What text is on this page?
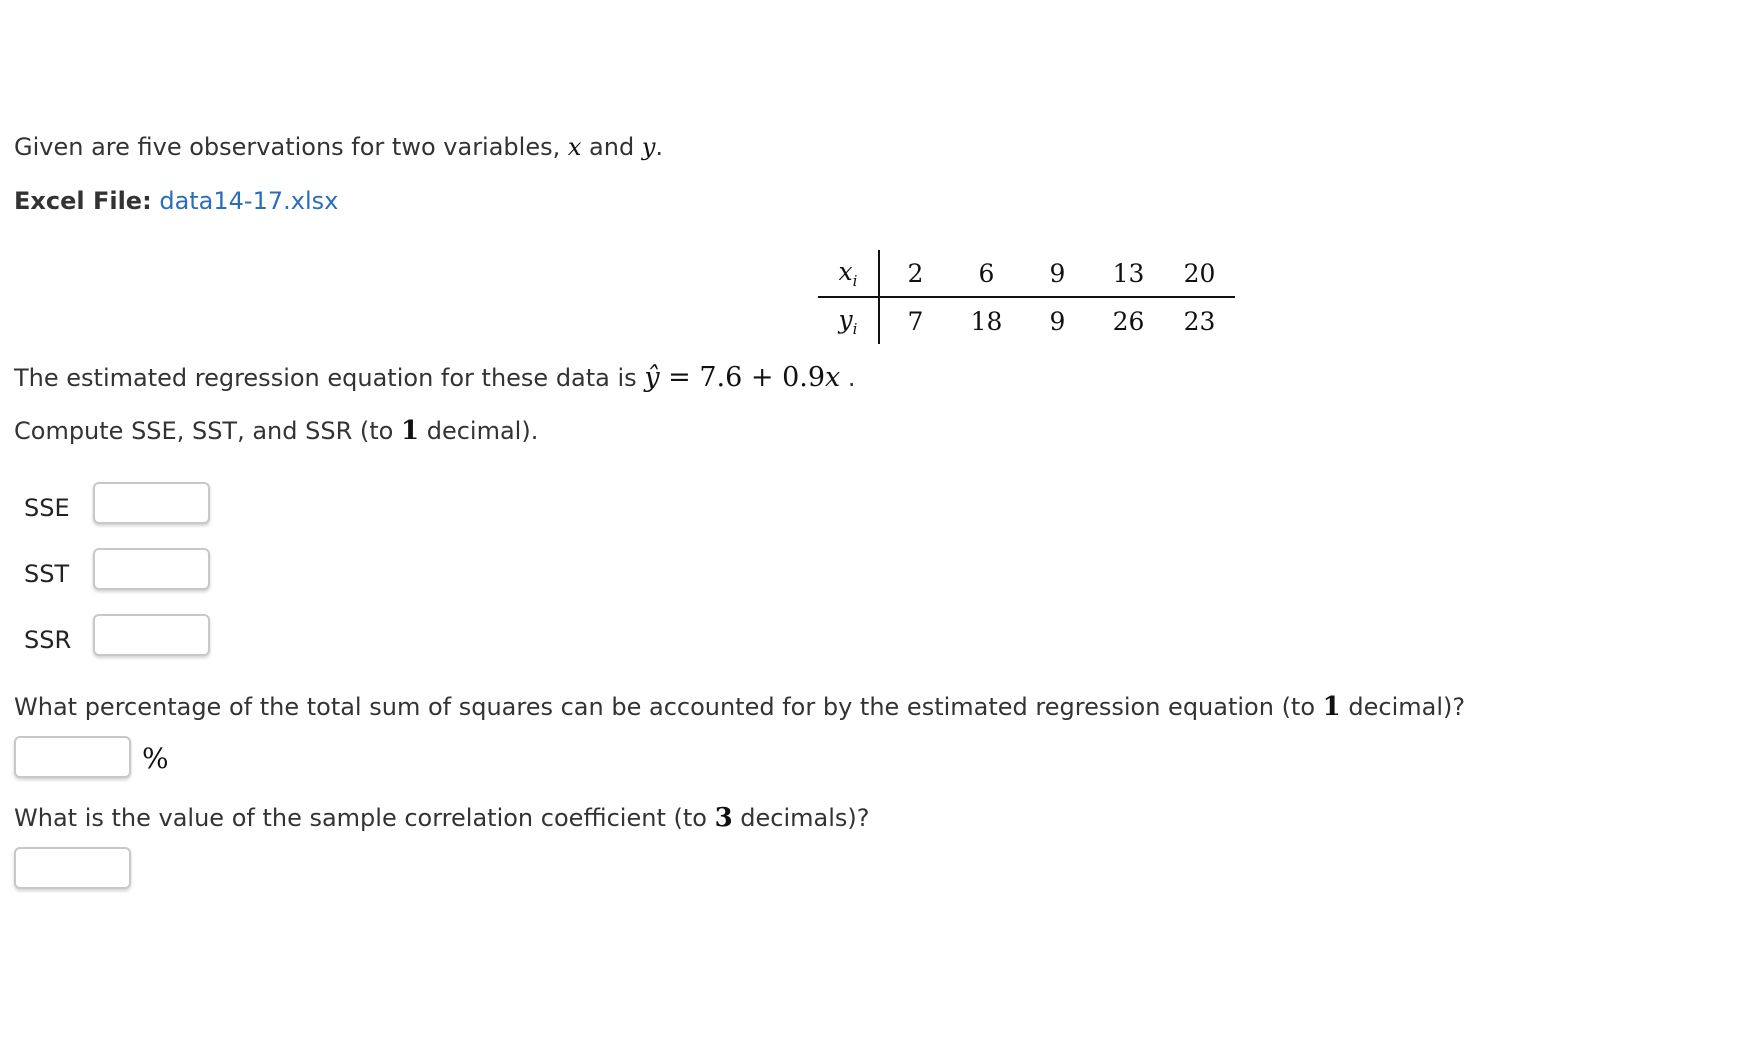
Given are five observations for two variables, x and y.
Excel File: data14-17.xlsx
$x_i$	2	6	9	13	20
$y_i$	7	18	9	26	23
The estimated regression equation for these data is ŷ = 7.6 + 0.9x .
Compute SSE, SST, and SSR (to 1 decimal).
SSE
SST
SSR
What percentage of the total sum of squares can be accounted for by the estimated regression equation (to 1 decimal)?
%
What is the value of the sample correlation coefficient (to 3 decimals)?
